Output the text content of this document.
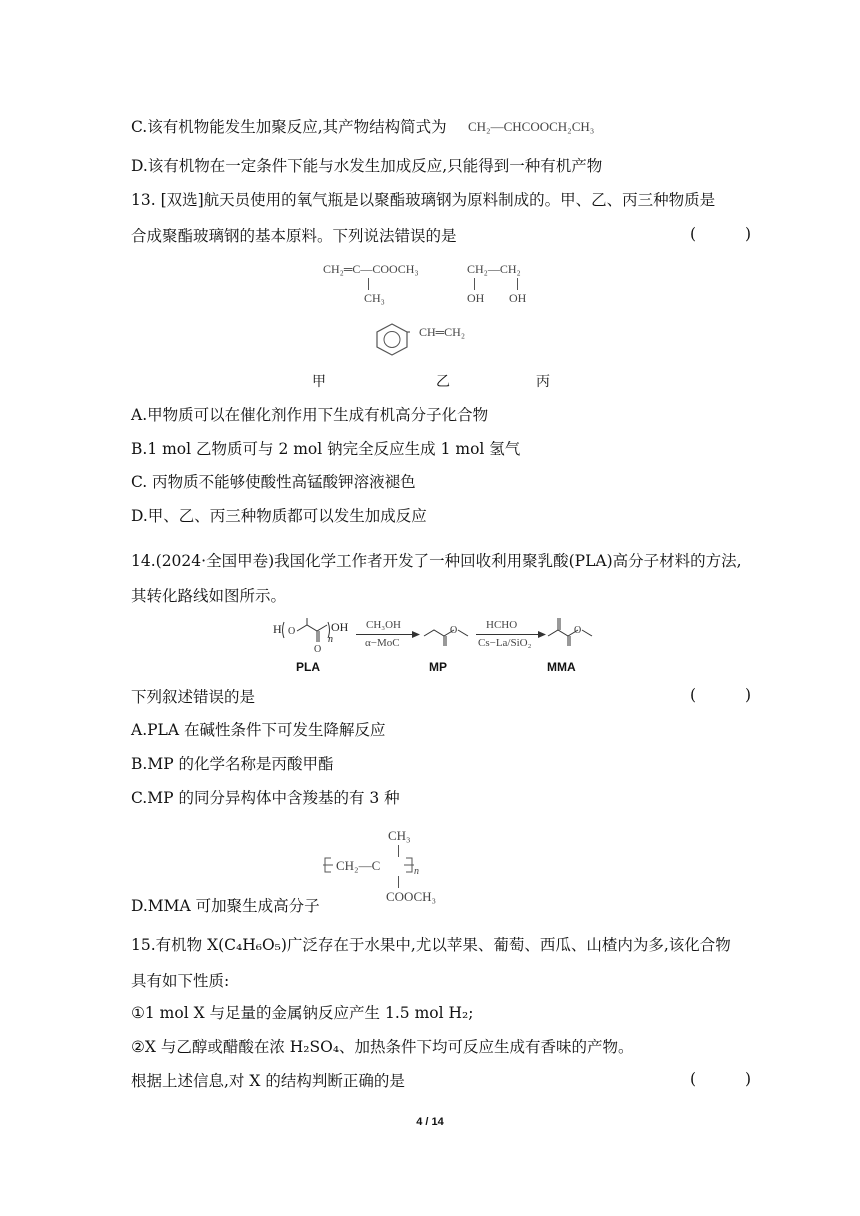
C.该有机物能发生加聚反应,其产物结构简式为 CH₂—CHCOOCH₂CH₃
D.该有机物在一定条件下能与水发生加成反应,只能得到一种有机产物
13. [双选]航天员使用的氧气瓶是以聚酯玻璃钢为原料制成的。甲、乙、丙三种物质是
合成聚酯玻璃钢的基本原料。下列说法错误的是	( )
CH₂═C—COOCH₃
CH₃
CH₂—CH₂
OH OH
CH═CH₂
甲	乙	丙
A.甲物质可以在催化剂作用下生成有机高分子化合物
B.1 mol 乙物质可与 2 mol 钠完全反应生成 1 mol 氢气
C. 丙物质不能够使酸性高锰酸钾溶液褪色
D.甲、乙、丙三种物质都可以发生加成反应
14.(2024·全国甲卷)我国化学工作者开发了一种回收利用聚乳酸(PLA)高分子材料的方法,
其转化路线如图所示。
H O
O
OH
n
CH₃OH
α−MoC
O	HCHO
Cs−La/SiO₂
O
PLA	MP	MMA
下列叙述错误的是	( )
A.PLA 在碱性条件下可发生降解反应
B.MP 的化学名称是丙酸甲酯
C.MP 的同分异构体中含羧基的有 3 种
CH₃
CH₂—C	n
COOCH₃
D.MMA 可加聚生成高分子
15.有机物 X(C₄H₆O₅)广泛存在于水果中,尤以苹果、葡萄、西瓜、山楂内为多,该化合物
具有如下性质:
①1 mol X 与足量的金属钠反应产生 1.5 mol H₂;
②X 与乙醇或醋酸在浓 H₂SO₄、加热条件下均可反应生成有香味的产物。
根据上述信息,对 X 的结构判断正确的是	( )
4 / 14
